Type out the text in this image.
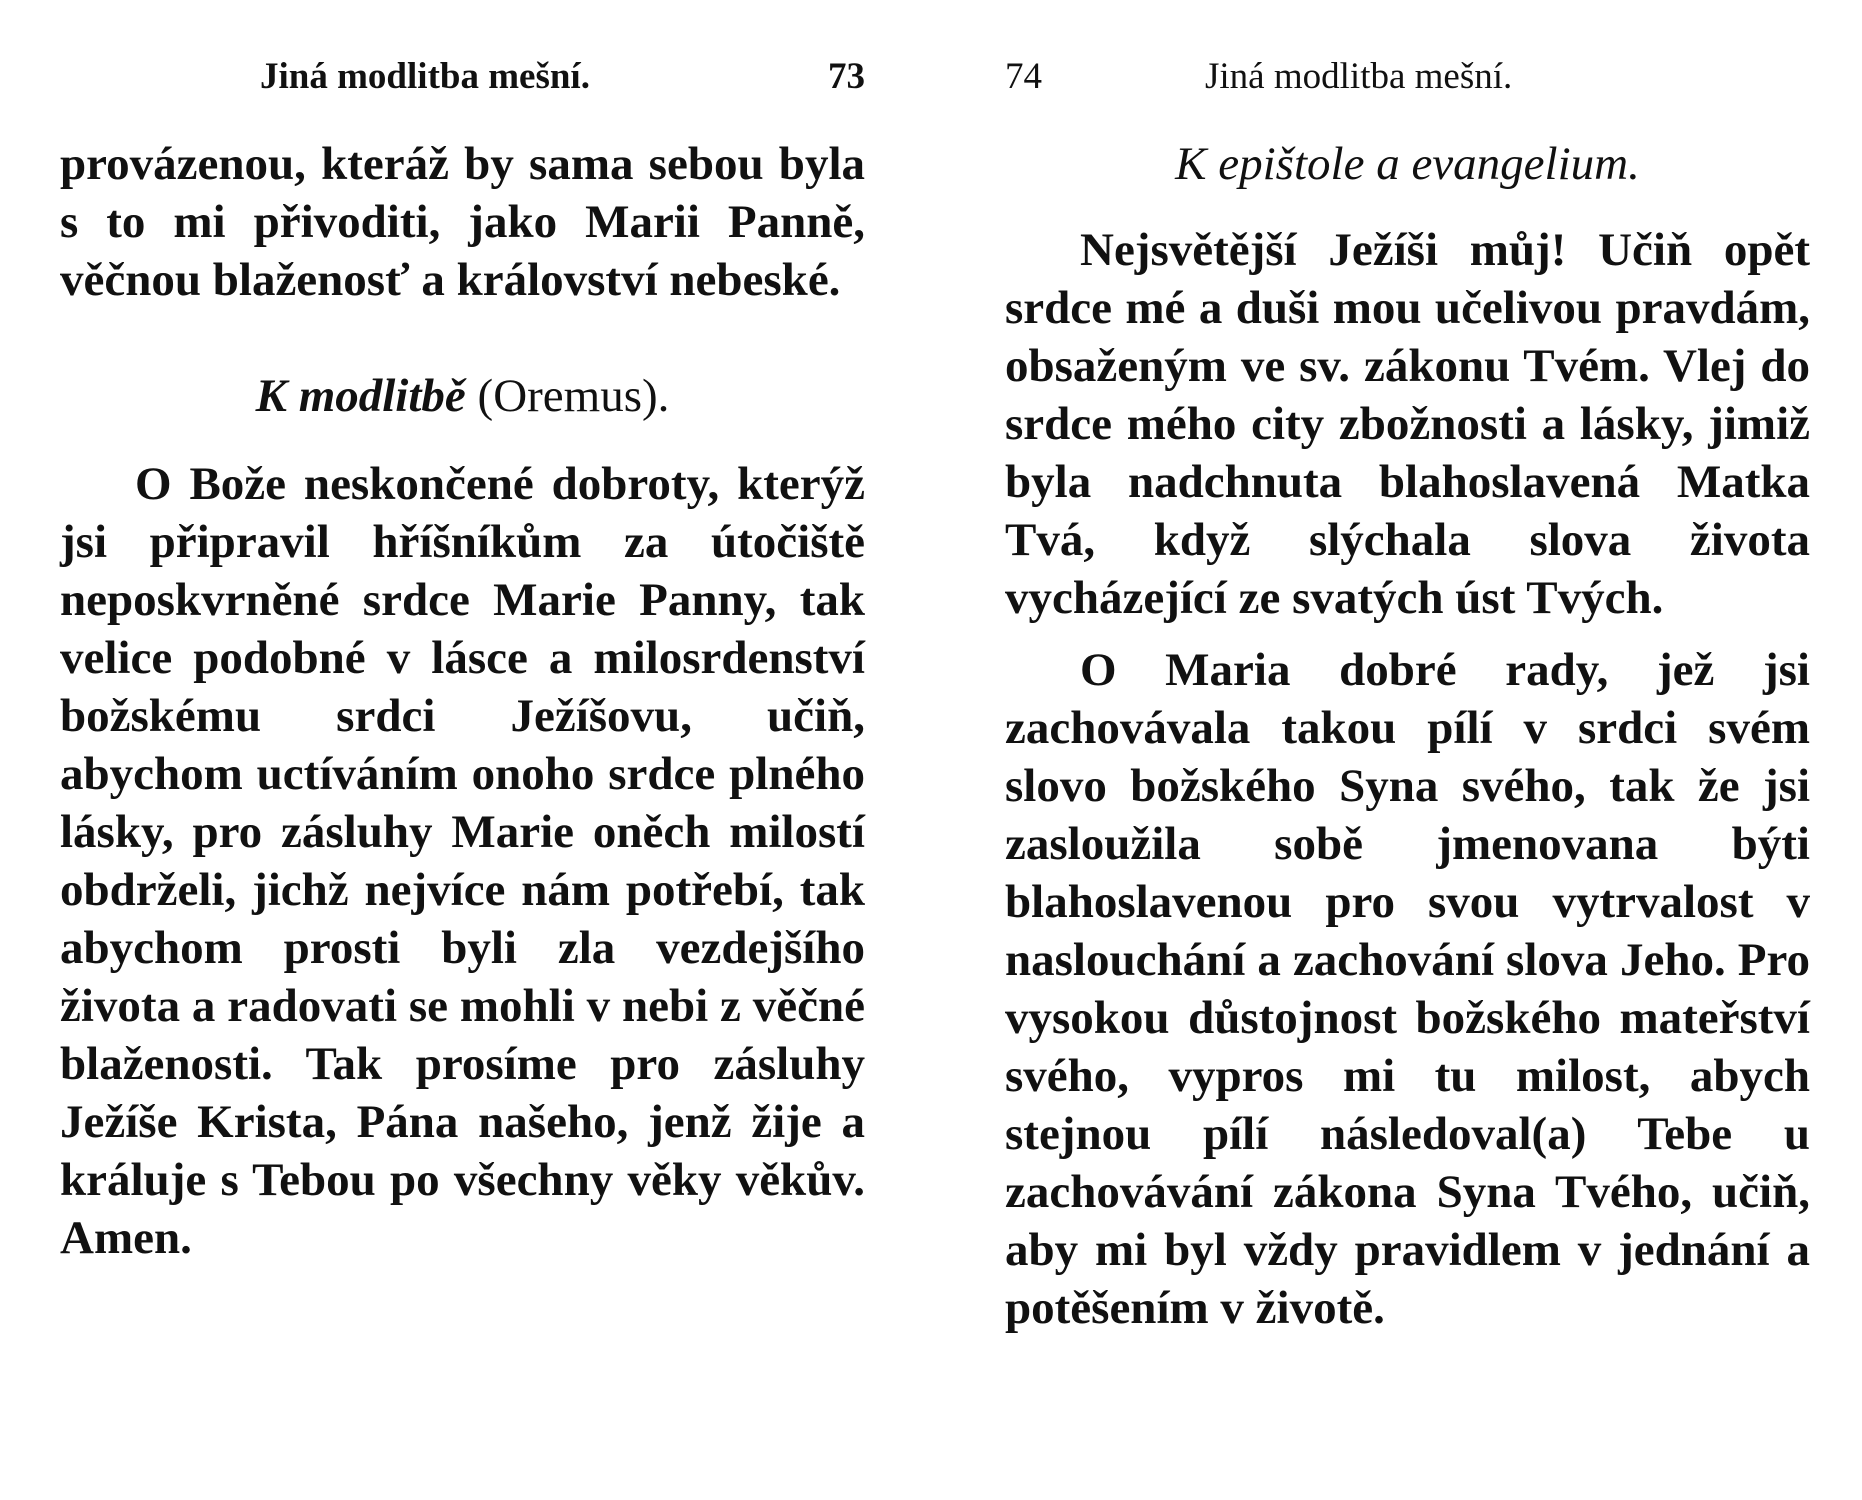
Jiná modlitba mešní.	73

provázenou, kteráž by sama sebou byla s to mi přivoditi, jako Marii Panně, věčnou blaženosť a království nebeské.

K modlitbě (Oremus).

O Bože neskončené dobroty, kterýž jsi připravil hříšníkům za útočiště neposkvrněné srdce Marie Panny, tak velice podobné v lásce a milosrdenství božskému srdci Ježíšovu, učiň, abychom uctíváním onoho srdce plného lásky, pro zásluhy Marie oněch milostí obdrželi, jichž nejvíce nám potřebí, tak abychom prosti byli zla vezdejšího života a radovati se mohli v nebi z věčné blaženosti. Tak prosíme pro zásluhy Ježíše Krista, Pána našeho, jenž žije a králuje s Tebou po všechny věky věkův. Amen.

74	Jiná modlitba mešní.

K epištole a evangelium.

Nejsvětější Ježíši můj! Učiň opět srdce mé a duši mou učelivou pravdám, obsaženým ve sv. zákonu Tvém. Vlej do srdce mého city zbožnosti a lásky, jimiž byla nadchnuta blahoslavená Matka Tvá, když slýchala slova života vycházející ze svatých úst Tvých.

O Maria dobré rady, jež jsi zachovávala takou pílí v srdci svém slovo božského Syna svého, tak že jsi zasloužila sobě jmenovana býti blahoslavenou pro svou vytrvalost v naslouchání a zachování slova Jeho. Pro vysokou důstojnost božského mateřství svého, vypros mi tu milost, abych stejnou pílí následoval(a) Tebe u zachovávání zákona Syna Tvého, učiň, aby mi byl vždy pravidlem v jednání a potěšením v životě.
